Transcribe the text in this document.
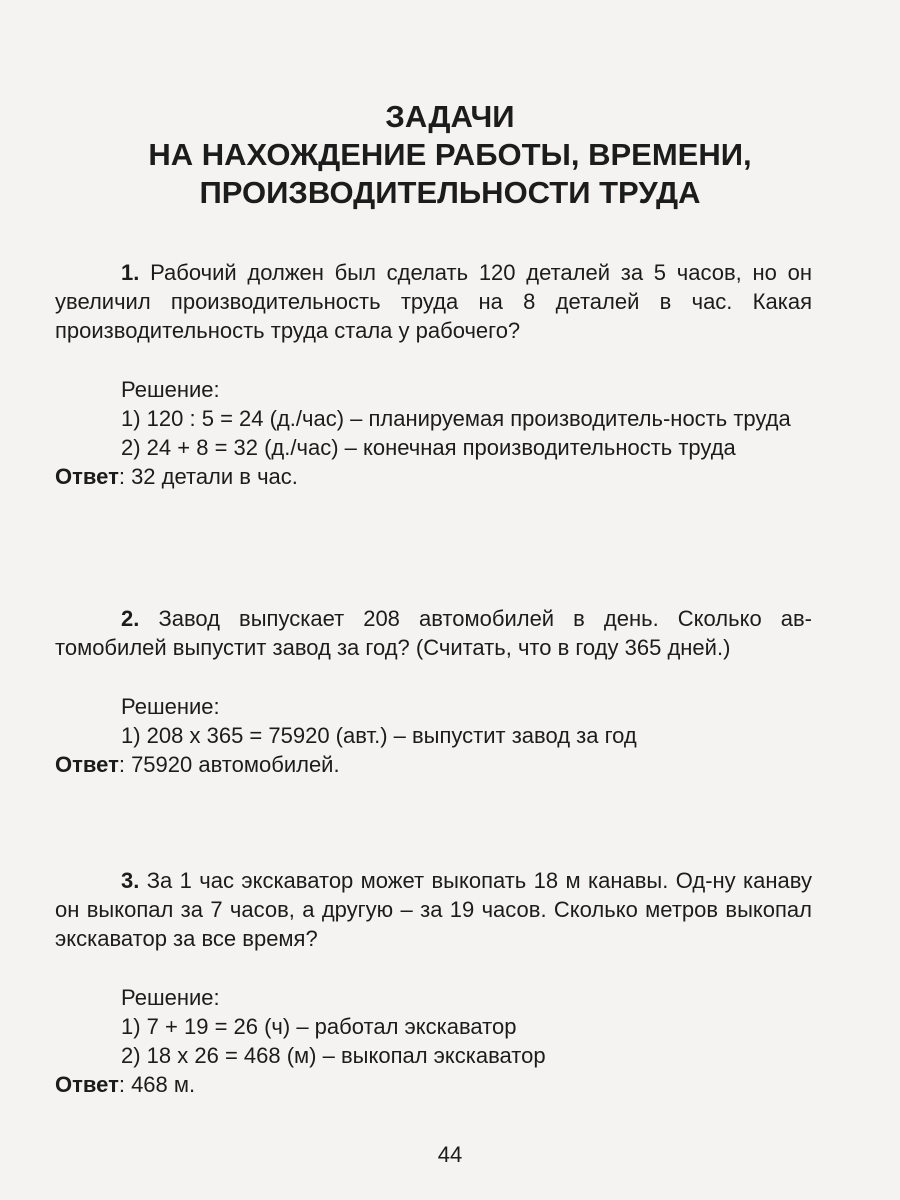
ЗАДАЧИ
НА НАХОЖДЕНИЕ РАБОТЫ, ВРЕМЕНИ,
ПРОИЗВОДИТЕЛЬНОСТИ ТРУДА

1. Рабочий должен был сделать 120 деталей за 5 часов, но он увеличил производительность труда на 8 деталей в час. Какая производительность труда стала у рабочего?

Решение:

1) 120 : 5 = 24 (д./час) – планируемая производитель-ность труда

2) 24 + 8 = 32 (д./час) – конечная производительность труда

Ответ: 32 детали в час.

2. Завод выпускает 208 автомобилей в день. Сколько ав-томобилей выпустит завод за год? (Считать, что в году 365 дней.)

Решение:

1) 208 х 365 = 75920 (авт.) – выпустит завод за год

Ответ: 75920 автомобилей.

3. За 1 час экскаватор может выкопать 18 м канавы. Од-ну канаву он выкопал за 7 часов, а другую – за 19 часов. Сколько метров выкопал экскаватор за все время?

Решение:

1) 7 + 19 = 26 (ч) – работал экскаватор

2) 18 х 26 = 468 (м) – выкопал экскаватор

Ответ: 468 м.

44
